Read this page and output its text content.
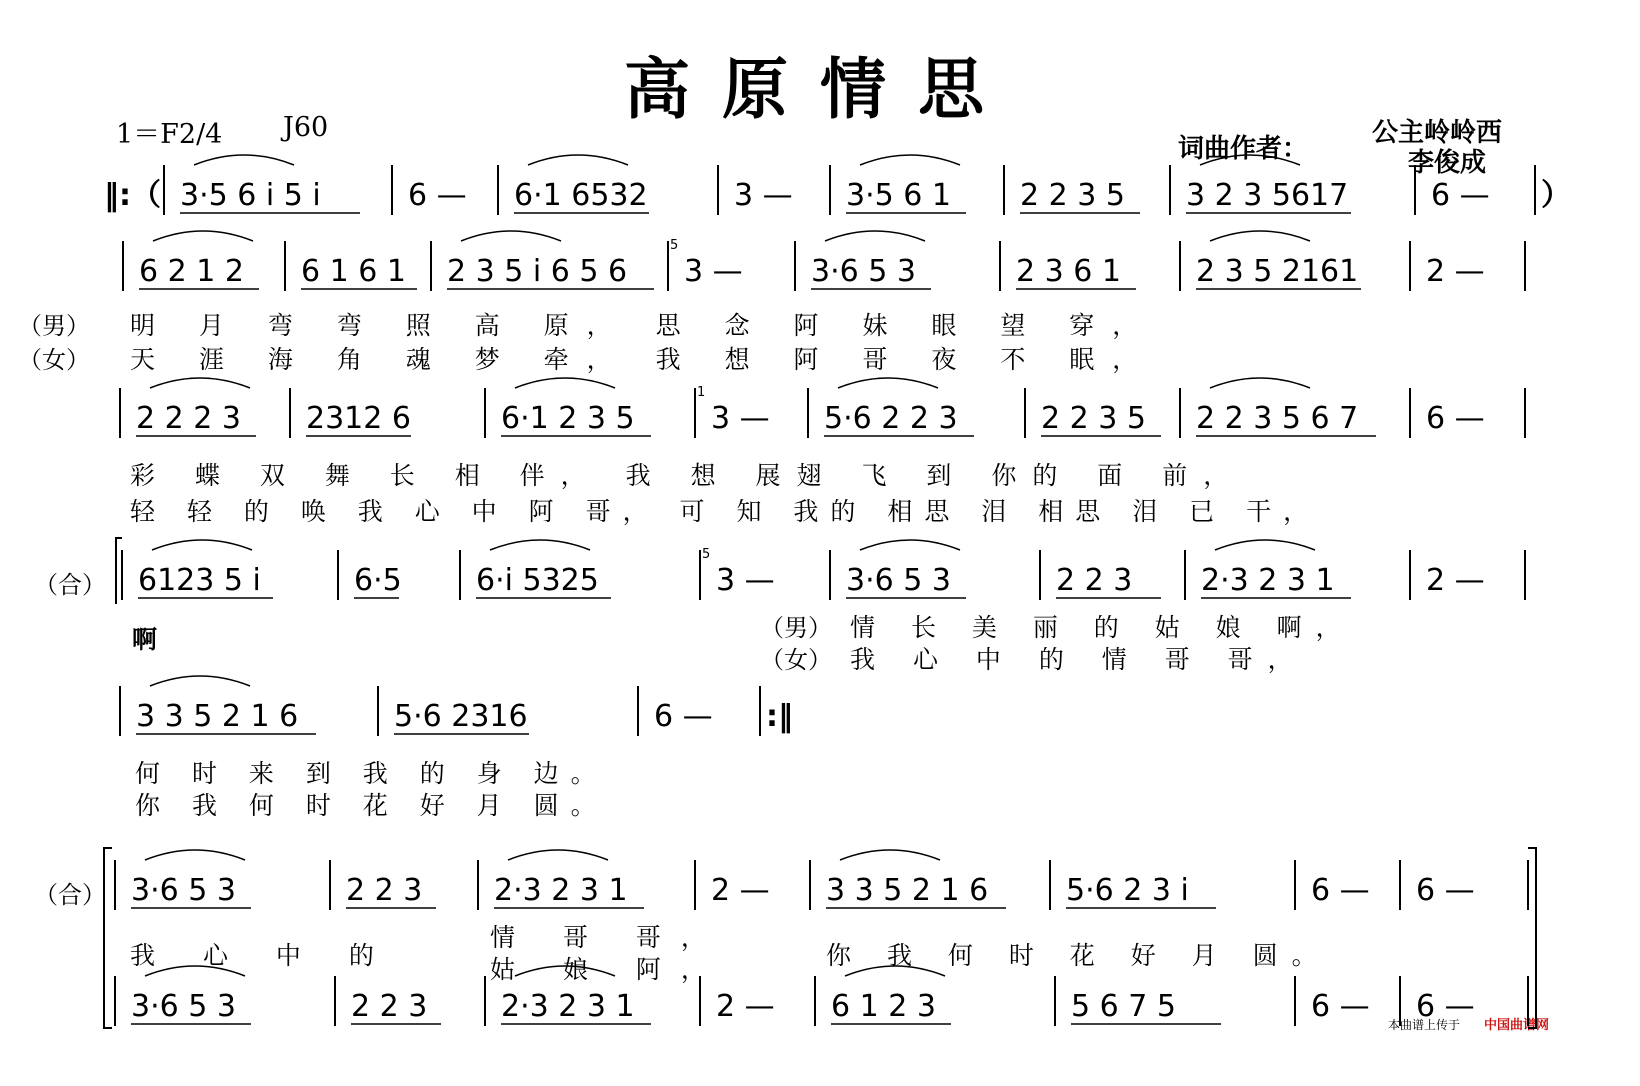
高原情思
1＝F2/4 J60
词曲作者：
公主岭岭西
李俊成
（男）
（女）
（合）
（男）
（女）
（合）
明 月 弯 弯 照 高 原， 思 念 阿 妹 眼 望 穿，
天 涯 海 角 魂 梦 牵， 我 想 阿 哥 夜 不 眠，
彩 蝶 双 舞 长 相 伴， 我 想 展翅 飞 到 你的 面 前，
轻 轻 的 唤 我 心 中 阿 哥， 可 知 我的 相思 泪 相思 泪 已 干，
啊	情 长 美 丽 的 姑 娘 啊，
我 心 中 的 情 哥 哥，
何 时 来 到 我 的 身 边。
你 我 何 时 花 好 月 圆。
情 哥 哥，
我 心 中 的	你 我 何 时 花 好 月 圆。
姑 娘 阿，
本曲谱上传于 中国曲谱网
3·5 6 i 5 i	6 — 6·1 6532	3 — 3·5 6 1 2 2 3 5 3 2 3 5617	6 —
‖:（	）
6 2 1 2 6 1 6 1 2 3 5 i 6 5 6 3 — 3·6 5 3	2 3 6 1	2 3 5 2161 2 —
5
2 2 2 3 2312 6	6·1 2 3 5	3 — 5·6 2 2 3	2 2 3 5 2 2 3 5 6 7 6 —
1
6123 5 i	6·5 6·i 5325	3 — 3·6 5 3	2 2 3 2·3 2 3 1	2 —
5
3 3 5 2 1 6	5·6 2316	6 — :‖
3·6 5 3	2 2 3 2·3 2 3 1	2 — 3 3 5 2 1 6	5·6 2 3 i	6 — 6 —
3·6 5 3	2 2 3 2·3 2 3 1	2 — 6 1 2 3	5 6 7 5	6 — 6 —
